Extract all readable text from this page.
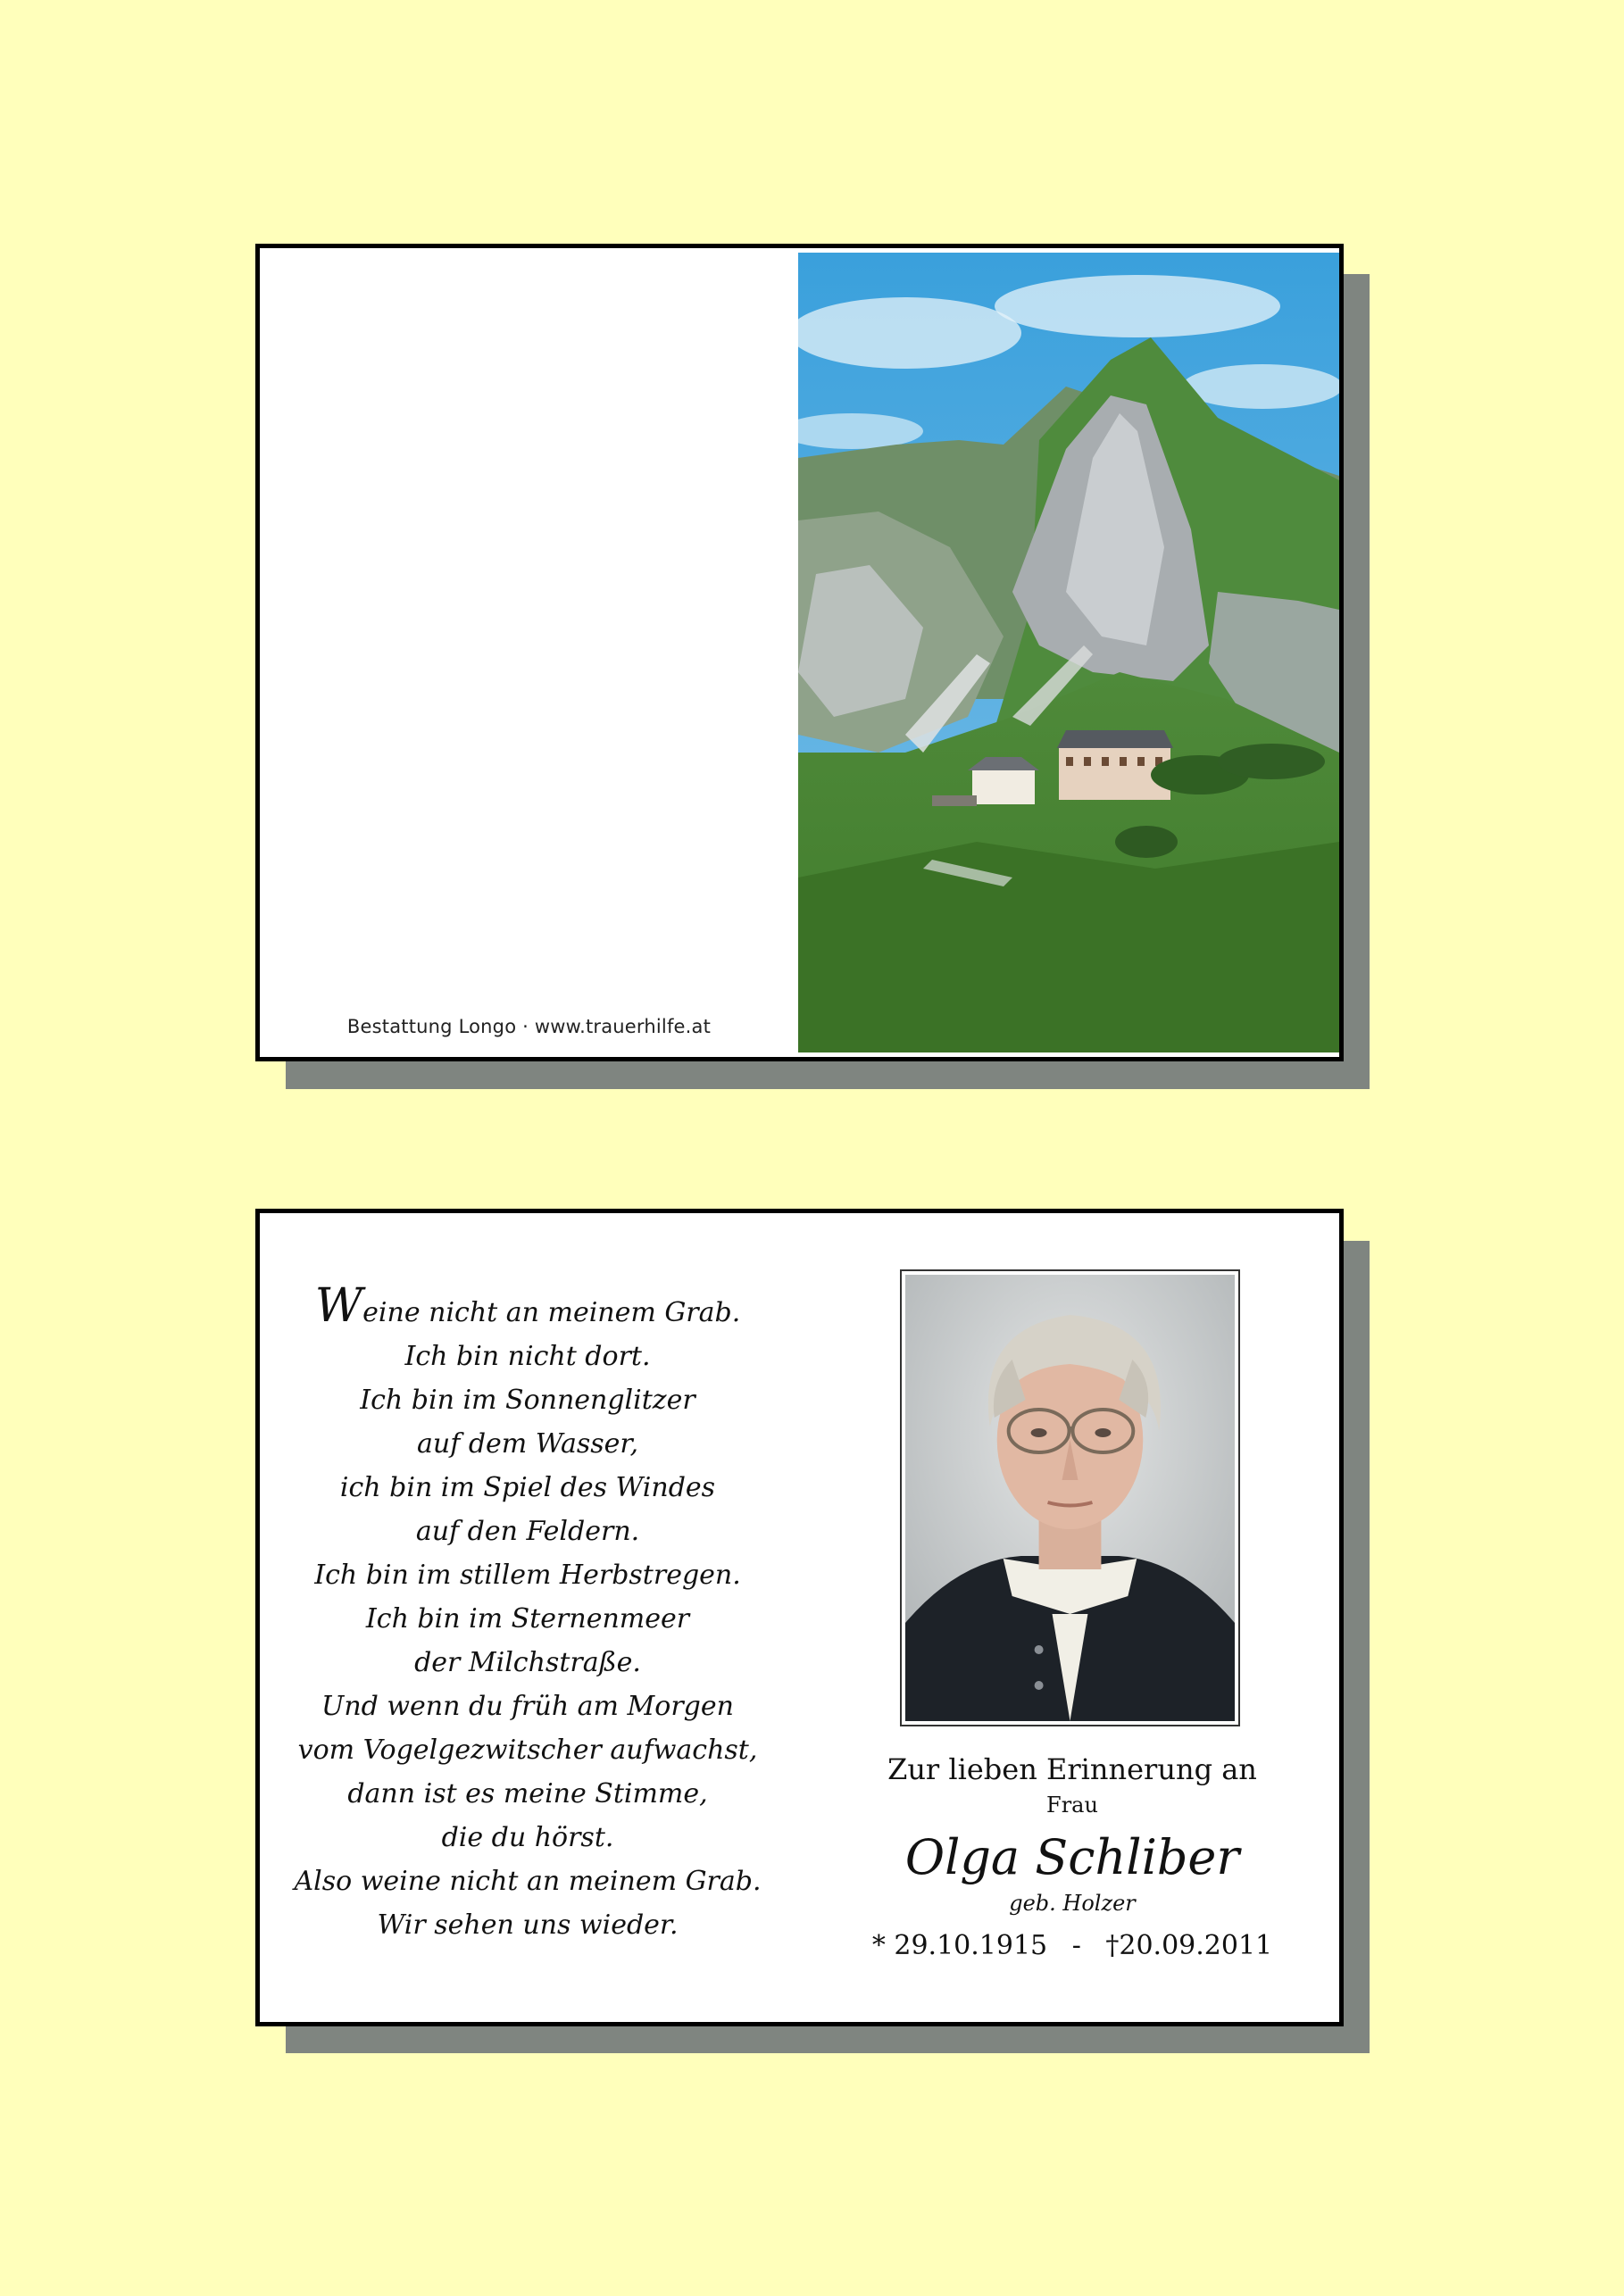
Bestattung Longo · www.trauerhilfe.at
Weine nicht an meinem Grab.
Ich bin nicht dort.
Ich bin im Sonnenglitzer
auf dem Wasser,
ich bin im Spiel des Windes
auf den Feldern.
Ich bin im stillem Herbstregen.
Ich bin im Sternenmeer
der Milchstraße.
Und wenn du früh am Morgen
vom Vogelgezwitscher aufwachst,
dann ist es meine Stimme,
die du hörst.
Also weine nicht an meinem Grab.
Wir sehen uns wieder.
Zur lieben Erinnerung an
Frau
Olga Schliber
geb. Holzer
* 29.10.1915 - †20.09.2011
